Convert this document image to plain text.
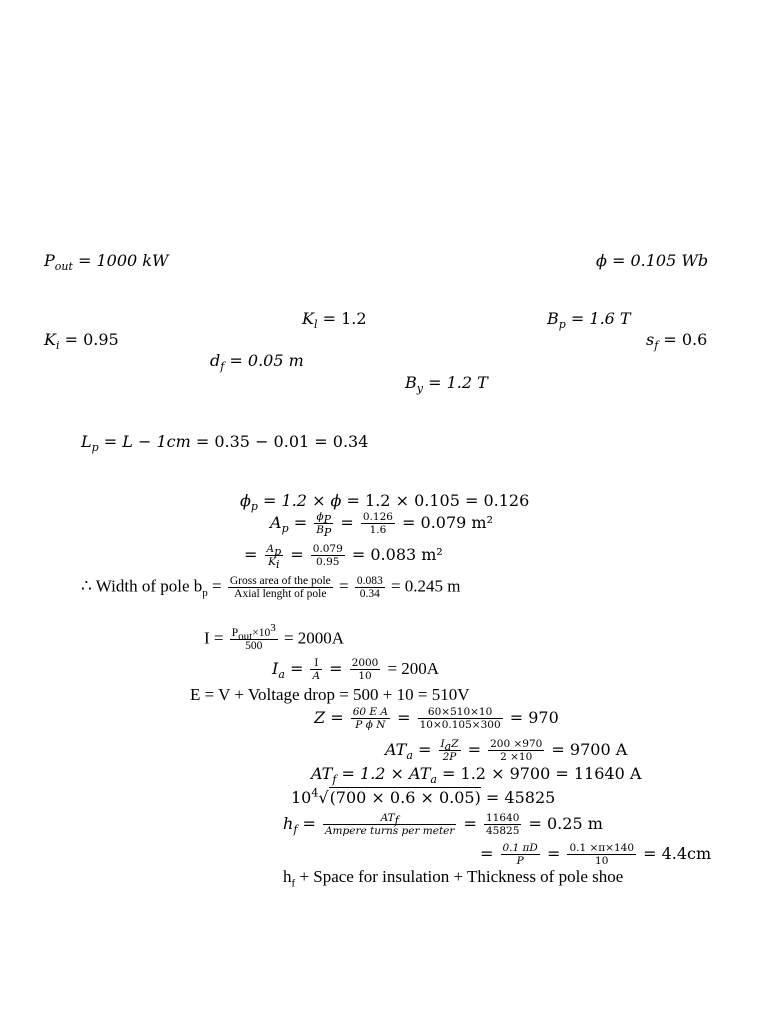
$P_{out} = 1000$ kW	ϕ = 0.105 Wb
$K_l = 1.2$	$B_p = 1.6$ T
$K_i = 0.95$	$s_f = 0.6$
$d_f = 0.05$ m
$B_y = 1.2$ T
$L_p = L - 1cm = 0.35 - 0.01 = 0.34$
$\phi_p = 1.2 \times \phi = 1.2 \times 0.105 = 0.126$
$A_p = \frac{\phi_P}{B_P} = \frac{0.126}{1.6} = 0.079$ m²
= $\frac{A_p}{K_i} = \frac{0.079}{0.95} = 0.083$ m²
∴ Width of pole $b_p = \frac{\text{Gross area of the pole}}{\text{Axial lenght of pole}} = \frac{0.083}{0.34} = 0.245$ m
$I = \frac{P_{out}\times 10^3}{500} = 2000A$
$I_a = \frac{I}{A} = \frac{2000}{10} = 200A$
E = V + Voltage drop = 500 + 10 = 510V
$Z = \frac{\text{60 E A}}{\text{P ϕ N}} = \frac{60\times 510\times 10}{10\times 0.105\times 300} = 970$
$AT_a = \frac{I_aZ}{2P} = \frac{200 \times 970}{2 \times 10} = 9700$ A
$AT_f = 1.2 \times AT_a = 1.2 \times 9700 = 11640$ A
$10^4√(700 \times 0.6 \times 0.05) = 45825$
$h_f = \frac{AT_f}{\text{Ampere turns per meter}} = \frac{11640}{45825} = 0.25$ m
= $\frac{0.1 \pi D}{P} = \frac{0.1 \times\pi\times 140}{10} = 4.4cm$
$h_f$ + Space for insulation + Thickness of pole shoe
